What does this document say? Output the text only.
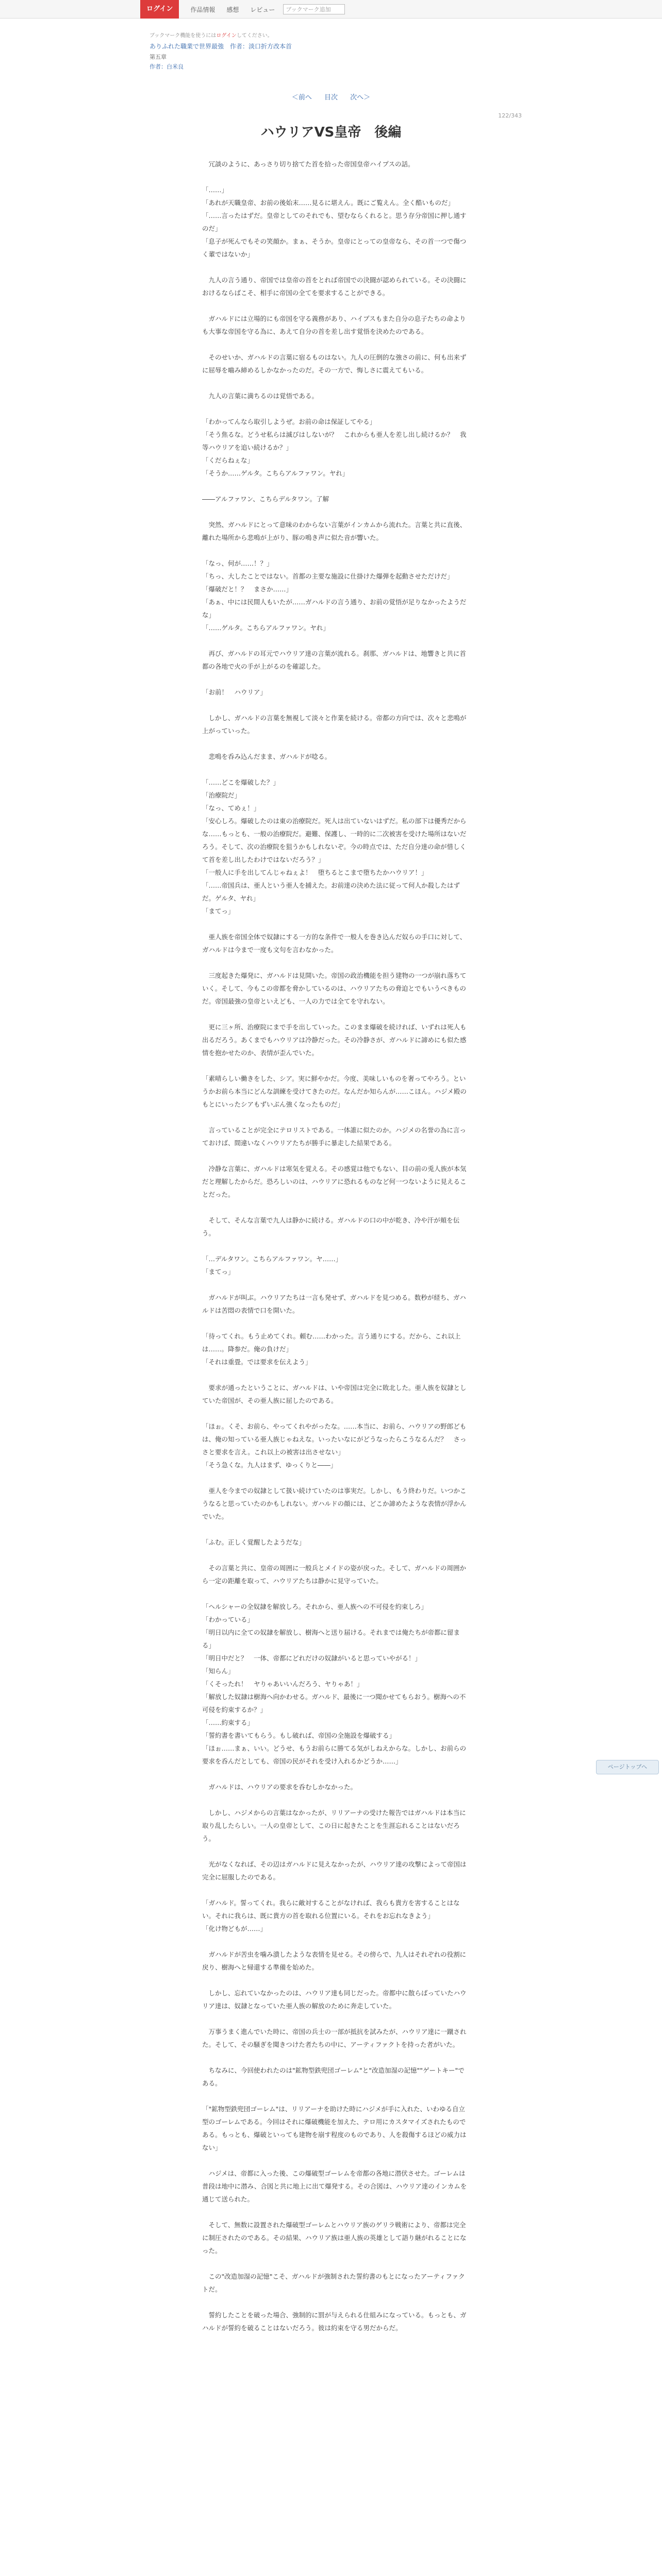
ログイン	作品情報 感想 レビュー	ブックマーク追加
ブックマーク機能を使うにはログインしてください。
ありふれた職業で世界最強　作者：淡口折方改本首
第五章
作者：白米良
＜前へ 目次 次へ＞
122/343
ハウリアVS皇帝　後編

　冗談のように、あっさり切り捨てた首を拾った帝国皇帝ハイプスの話。

「……」

「あれが天職皇帝、お前の後始末……見るに堪えん。既にご覧えん。全く酷いものだ」

「……言ったはずだ。皇帝としてのそれでも、望むならくれると。思う存分帝国に押し通すのだ」

「息子が死んでもその笑顔か。まぁ、そうか。皇帝にとっての皇帝なら、その首一つで傷つく輩ではないか」

　九人の言う通り、帝国では皇帝の首をとれば帝国での決闘が認められている。その決闘におけるならばこそ、相手に帝国の全てを要求することができる。

　ガハルドには立場的にも帝国を守る義務があり、ハイプスもまた自分の息子たちの命よりも大事な帝国を守る為に、あえて自分の首を差し出す覚悟を決めたのである。

　そのせいか、ガハルドの言葉に宿るものはない。九人の圧倒的な強さの前に、何も出来ずに屈辱を嚙み締めるしかなかったのだ。その一方で、悔しさに震えてもいる。

　九人の言葉に満ちるのは覚悟である。

「わかってんなら取引しようぜ。お前の命は保証してやる」

「そう焦るな。どうせ私らは滅びはしないが？　これからも亜人を差し出し続けるか？　我等ハウリアを追い続けるか？」

「くだらねぇな」

「そうか……ゲルタ。こちらアルファワン。ヤれ」

――アルファワン、こちらデルタワン。了解

　突然、ガハルドにとって意味のわからない言葉がインカムから流れた。言葉と共に直後、離れた場所から悲鳴が上がり、豚の鳴き声に似た音が響いた。

「なっ、何が……！？」

「ちっ、大したことではない。首都の主要な施設に仕掛けた爆弾を起動させただけだ」

「爆破だと！？　まさか……」

「あぁ、中には民間人もいたが……ガハルドの言う通り、お前の覚悟が足りなかったようだな」

「……ゲルタ。こちらアルファワン。ヤれ」

　再び、ガハルドの耳元でハウリア達の言葉が流れる。刹那、ガハルドは、地響きと共に首都の各地で火の手が上がるのを確認した。

「お前！　ハウリア」

　しかし、ガハルドの言葉を無視して淡々と作業を続ける。帝都の方向では、次々と悲鳴が上がっていった。

　悲鳴を呑み込んだまま、ガハルドが唸る。

「……どこを爆破した？」

「治療院だ」

「なっ、てめぇ！」

「安心しろ。爆破したのは東の治療院だ。死人は出ていないはずだ。私の部下は優秀だからな……もっとも、一般の治療院だ。避難、保護し、一時的に二次被害を受けた場所はないだろう。そして、次の治療院を狙うかもしれないぞ。今の時点では、ただ自分達の命が惜しくて首を差し出したわけではないだろう？」

「一般人に手を出してんじゃねぇよ！　堕ちるとこまで堕ちたかハウリア！」

「……帝国兵は、亜人という亜人を捕えた。お前達の決めた法に従って何人か殺したはずだ。ゲルタ、ヤれ」

「まてっ」

　亜人族を帝国全体で奴隷にする一方的な条件で一般人を巻き込んだ奴らの手口に対して、ガハルドは今まで一度も文句を言わなかった。

　三度起きた爆発に、ガハルドは見開いた。帝国の政治機能を担う建物の一つが崩れ落ちていく。そして、今もこの帝都を脅かしているのは、ハウリアたちの脅迫とでもいうべきものだ。帝国最強の皇帝といえども、一人の力では全てを守れない。

　更に三ヶ所、治療院にまで手を出していった。このまま爆破を続ければ、いずれは死人も出るだろう。あくまでもハウリアは冷静だった。その冷静さが、ガハルドに諦めにも似た感情を抱かせたのか、表情が歪んでいた。

「素晴らしい働きをした、シア。実に鮮やかだ。今度、美味しいものを奢ってやろう。というかお前ら本当にどんな訓練を受けてきたのだ。なんだか知らんが……こほん。ハジメ殿のもとにいったシアもずいぶん強くなったものだ」

　言っていることが完全にテロリストである。一体誰に似たのか。ハジメの名誉の為に言っておけば、間違いなくハウリアたちが勝手に暴走した結果である。

　冷静な言葉に、ガハルドは寒気を覚える。その感覚は他でもない、目の前の兎人族が本気だと理解したからだ。恐ろしいのは、ハウリアに恐れるものなど何一つないように見えることだった。

　そして、そんな言葉で九人は静かに続ける。ガハルドの口の中が乾き、冷や汗が頬を伝う。

「…デルタワン。こちらアルファワン。ヤ……」

「まてっ」

　ガハルドが叫ぶ。ハウリアたちは一言も発せず、ガハルドを見つめる。数秒が経ち、ガハルドは苦悶の表情で口を開いた。

「待ってくれ。もう止めてくれ。頼む……わかった。言う通りにする。だから、これ以上は……。降参だ。俺の負けだ」

「それは重畳。では要求を伝えよう」

　要求が通ったということに、ガハルドは、いや帝国は完全に敗北した。亜人族を奴隷としていた帝国が、その亜人族に屈したのである。

「ほぉ。くそ、お前ら、やってくれやがったな。……本当に、お前ら、ハウリアの野郎どもは、俺の知っている亜人族じゃねえな。いったいなにがどうなったらこうなるんだ？　さっさと要求を言え。これ以上の被害は出させない」

「そう急くな。九人はまず、ゆっくりと――」

　亜人を今までの奴隷として扱い続けていたのは事実だ。しかし、もう終わりだ。いつかこうなると思っていたのかもしれない。ガハルドの顔には、どこか諦めたような表情が浮かんでいた。

「ふむ。正しく覚醒したようだな」

　その言葉と共に、皇帝の周囲に一般兵とメイドの姿が戻った。そして、ガハルドの周囲から一定の距離を取って、ハウリアたちは静かに見守っていた。

「ヘルシャーの全奴隷を解放しろ。それから、亜人族への不可侵を約束しろ」

「わかっている」

「明日以内に全ての奴隷を解放し、樹海へと送り届ける。それまでは俺たちが帝都に留まる」

「明日中だと？　一体、帝都にどれだけの奴隷がいると思っていやがる！」

「知らん」

「くそったれ！　ヤりゃあいいんだろう、ヤりゃあ！」

「解放した奴隷は樹海へ向かわせる。ガハルド、最後に一つ聞かせてもらおう。樹海への不可侵を約束するか？」

「……約束する」

「誓約書を書いてもらう。もし破れば、帝国の全施設を爆破する」

「ほぉ……まぁ、いい。どうせ、もうお前らに勝てる気がしねえからな。しかし、お前らの要求を呑んだとしても、帝国の民がそれを受け入れるかどうか……」

　ガハルドは、ハウリアの要求を呑むしかなかった。

　しかし、ハジメからの言葉はなかったが、リリアーナの受けた報告ではガハルドは本当に取り乱したらしい。一人の皇帝として、この日に起きたことを生涯忘れることはないだろう。

　光がなくなれば、その辺はガハルドに見えなかったが、ハウリア達の攻撃によって帝国は完全に屈服したのである。

「ガハルド。誓ってくれ。我らに敵対することがなければ、我らも貴方を害することはない。それに我らは、既に貴方の首を取れる位置にいる。それをお忘れなきよう」

「化け物どもが……」

　ガハルドが苦虫を噛み潰したような表情を見せる。その傍らで、九人はそれぞれの役割に戻り、樹海へと帰還する準備を始めた。

　しかし、忘れていなかったのは、ハウリア達も同じだった。帝都中に散らばっていたハウリア達は、奴隷となっていた亜人族の解放のために奔走していた。

　万事うまく進んでいた時に、帝国の兵士の一部が抵抗を試みたが、ハウリア達に一蹴された。そして、その騒ぎを聞きつけた者たちの中に、アーティファクトを持った者がいた。

　ちなみに、今回使われたのは"鉱物型鉄兜団ゴーレム"と"改造加湿の記憶""ゲートキー"である。

「"鉱物型鉄兜団ゴーレム"は、リリアーナを助けた時にハジメが手に入れた、いわゆる自立型のゴーレムである。今回はそれに爆破機能を加えた、テロ用にカスタマイズされたものである。もっとも、爆破といっても建物を崩す程度のものであり、人を殺傷するほどの威力はない」

　ハジメは、帝都に入った後、この爆破型ゴーレムを帝都の各地に潜伏させた。ゴーレムは普段は地中に潜み、合図と共に地上に出て爆発する。その合図は、ハウリア達のインカムを通じて送られた。

　そして、無数に設置された爆破型ゴーレムとハウリア族のゲリラ戦術により、帝都は完全に制圧されたのである。その結果、ハウリア族は亜人族の英雄として語り継がれることになった。

　この"改造加湿の記憶"こそ、ガハルドが強制された誓約書のもとになったアーティファクトだ。

　誓約したことを破った場合、強制的に罰が与えられる仕組みになっている。もっとも、ガハルドが誓約を破ることはないだろう。彼は約束を守る男だからだ。

ページトップへ
